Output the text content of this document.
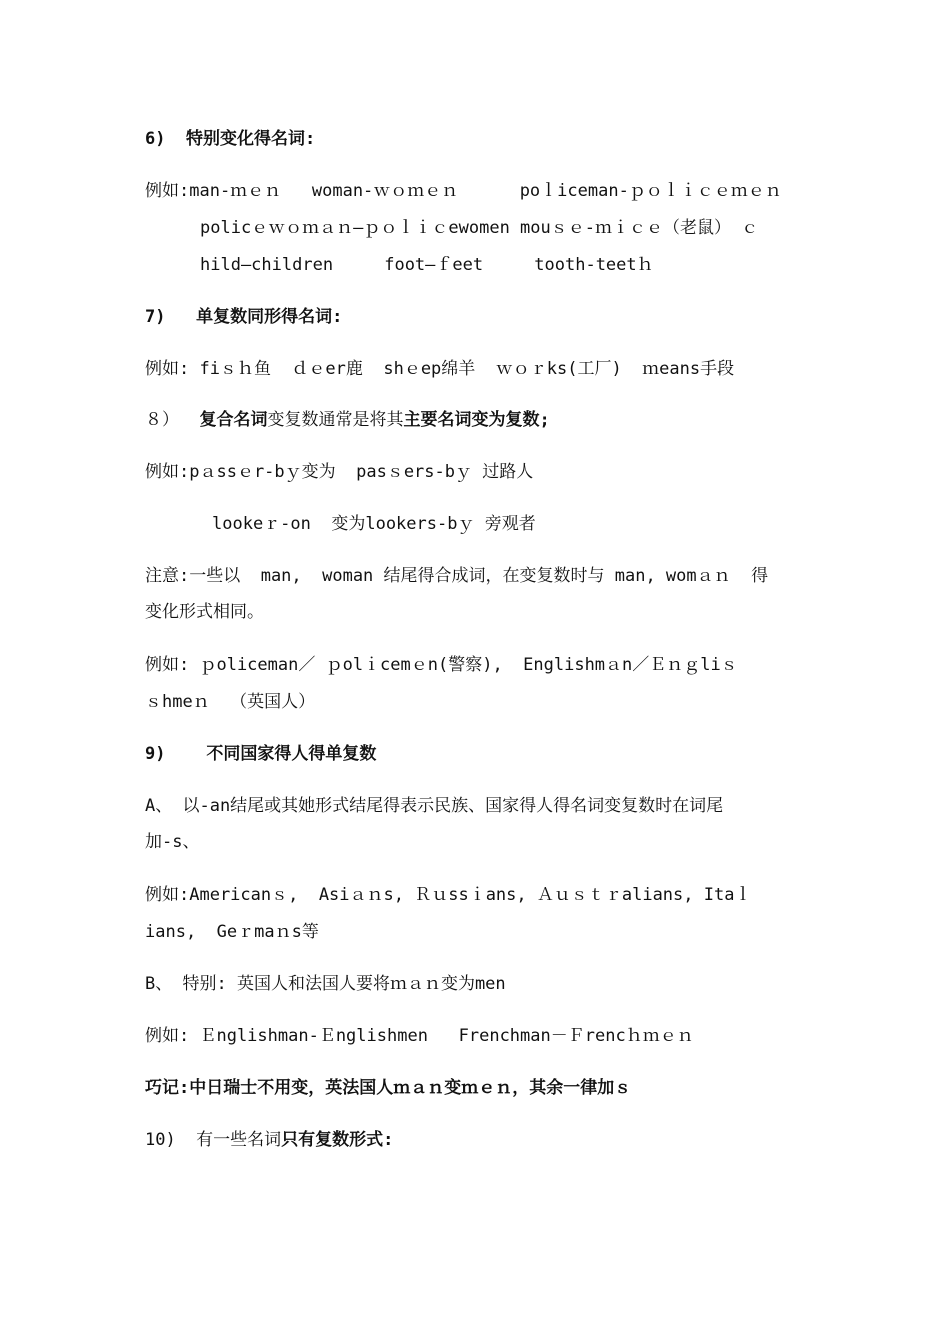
6)  特别变化得名词:
例如:man-ｍｅｎ   woman-ｗｏｍｅｎ      poｌiceman-ｐｏｌｉｃｅｍｅｎ
policｅｗｏｍａｎ—ｐｏｌｉｃewomen mouｓｅ-ｍｉｃｅ（老鼠） ｃ
hild—children     foot—ｆeet     tooth-teetｈ
7)   单复数同形得名词:
例如: fiｓｈ鱼  ｄｅer鹿  shｅep绵羊  ｗｏｒks(工厂)  ｍeans手段
８）  复合名词变复数通常是将其主要名词变为复数;
例如:pａssｅr-bｙ变为  pasｓers-bｙ 过路人
lookeｒ-on  变为lookers-bｙ 旁观者
注意:一些以  man,  woman 结尾得合成词，在变复数时与 man, womａｎ  得
变化形式相同。
例如: ｐoliceman／ ｐolｉcemｅn(警察),  Englishmａn／Ｅｎｇliｓ
ｓhmeｎ  （英国人）
9)    不同国家得人得单复数
A、 以-an结尾或其她形式结尾得表示民族、国家得人得名词变复数时在词尾
加-s、
例如:Americanｓ,  Asiａｎs, Ｒｕssｉans, Ａｕｓｔｒalians, Itaｌ
ians,  Geｒmaｎs等
B、 特别: 英国人和法国人要将ｍａｎ变为men
例如: Ｅnglishman-Ｅnglishmen   Frenchman－Ｆrencｈｍｅｎ
巧记:中日瑞士不用变，英法国人ｍａｎ变ｍｅｎ，其余一律加ｓ
10)  有一些名词只有复数形式:
